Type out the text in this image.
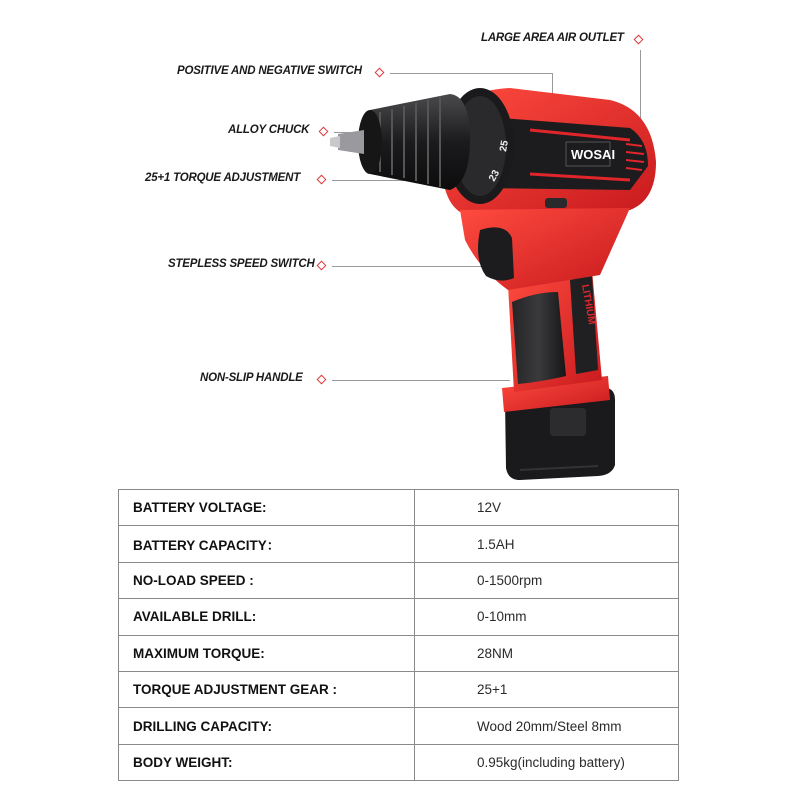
LARGE AREA AIR OUTLET
POSITIVE AND NEGATIVE SWITCH
ALLOY CHUCK
25+1 TORQUE ADJUSTMENT
STEPLESS SPEED SWITCH
NON-SLIP HANDLE
LITHIUM
WOSAI
25
23
BATTERY VOLTAGE:	12V
BATTERY CAPACITY：	1.5AH
NO-LOAD SPEED :	0-1500rpm
AVAILABLE DRILL:	0-10mm
MAXIMUM TORQUE:	28NM
TORQUE ADJUSTMENT GEAR :	25+1
DRILLING CAPACITY:	Wood 20mm/Steel 8mm
BODY WEIGHT:	0.95kg(including battery)
